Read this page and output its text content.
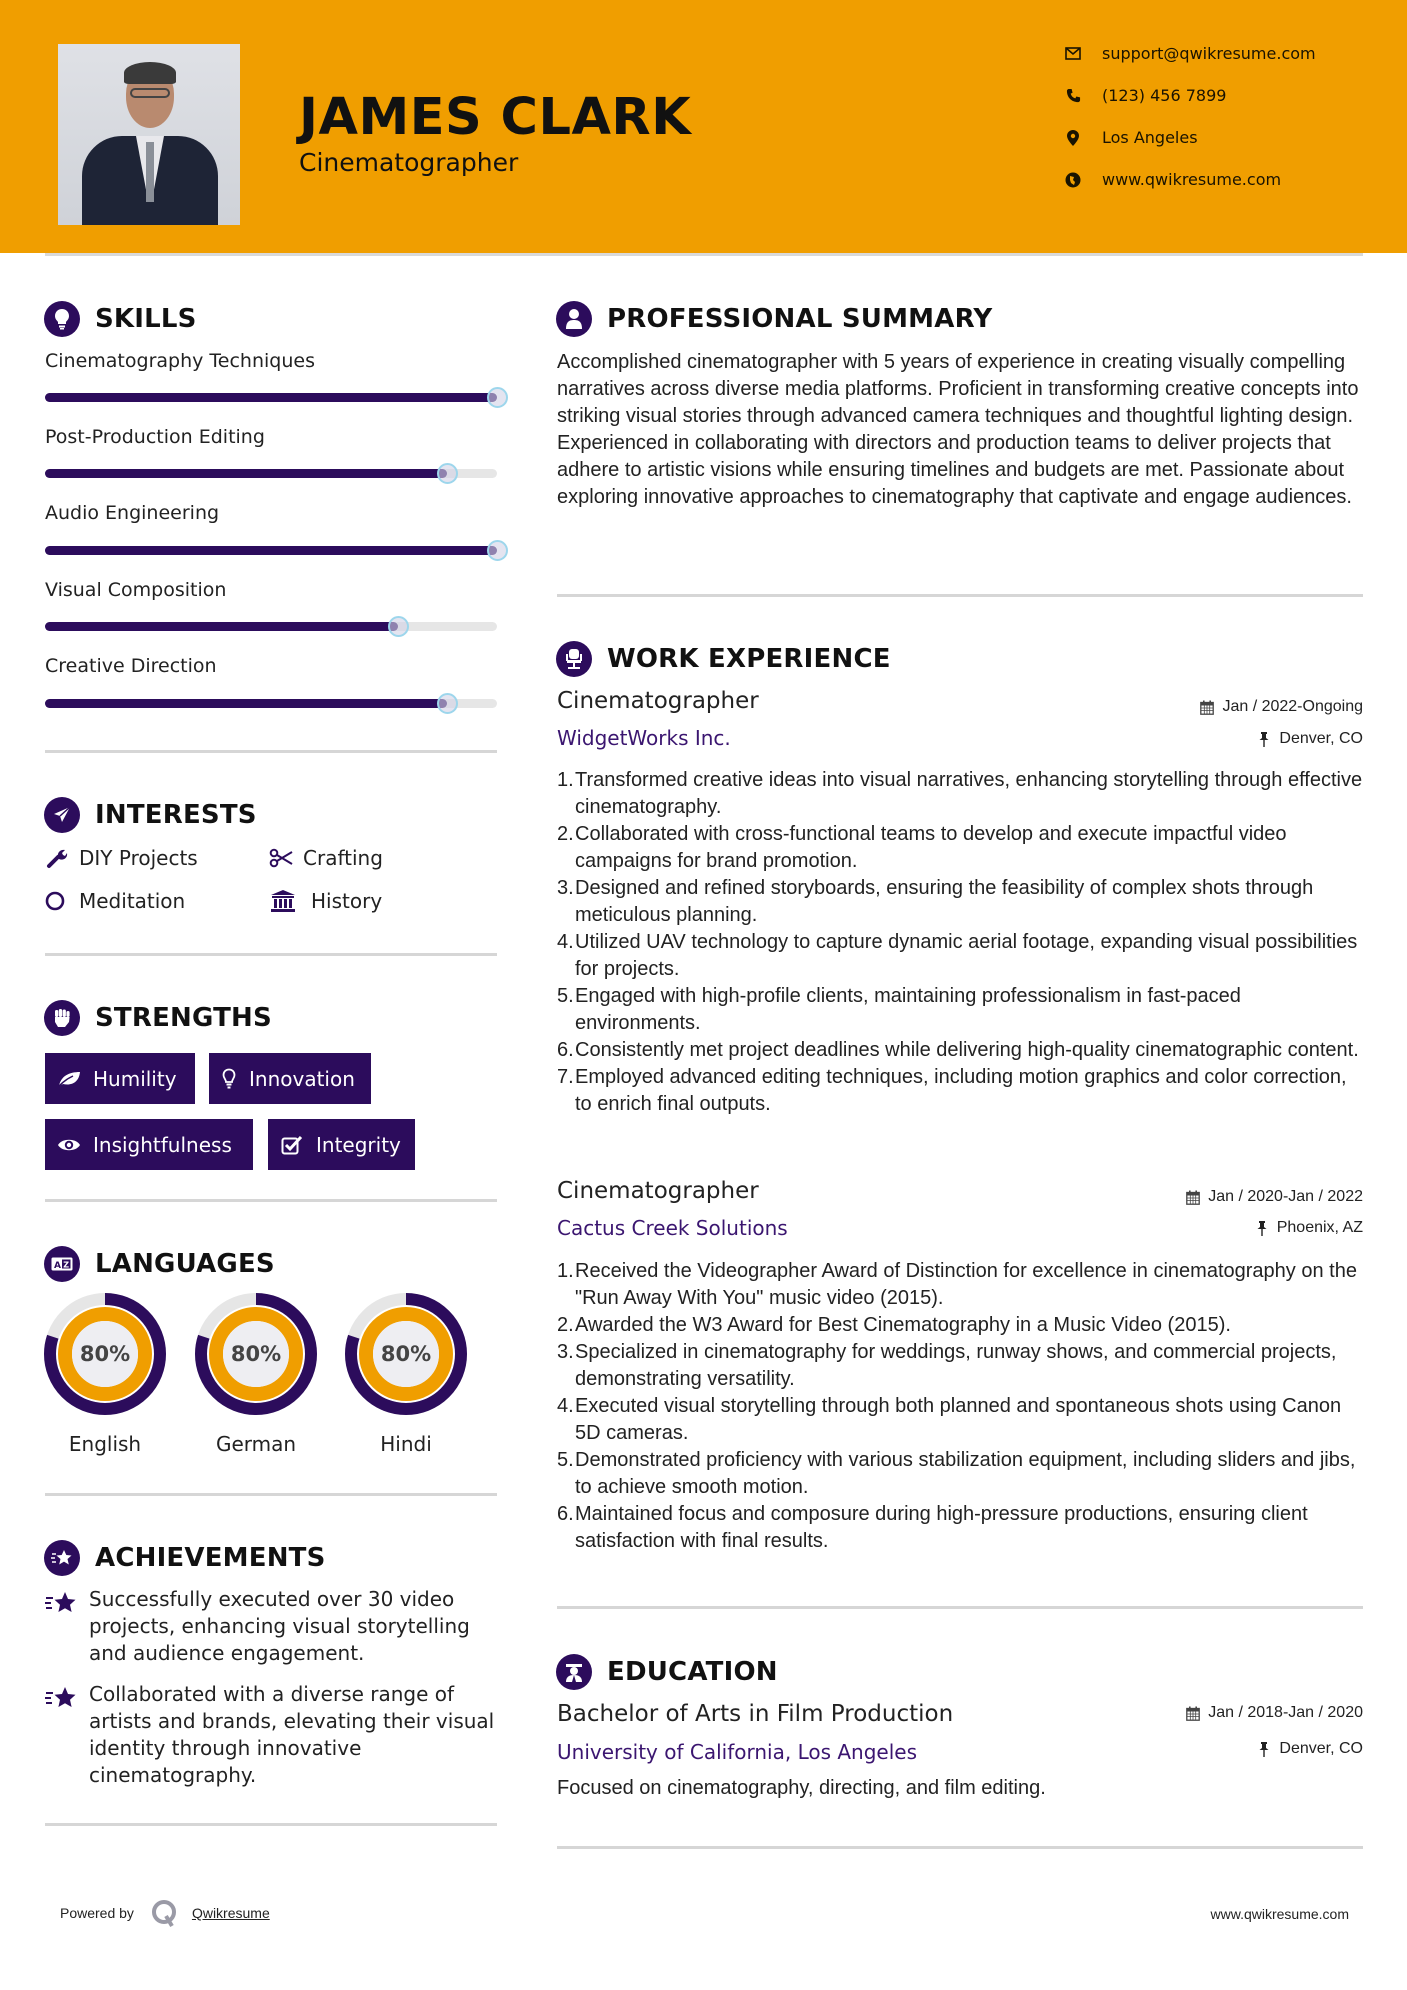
JAMES CLARK
Cinematographer
support@qwikresume.com
(123) 456 7899
Los Angeles
www.qwikresume.com
SKILLS
Cinematography Techniques
Post-Production Editing
Audio Engineering
Visual Composition
Creative Direction
INTERESTS
DIY Projects	Crafting
Meditation	History
STRENGTHS
Humility	Innovation
Insightfulness	Integrity
A Z LANGUAGES
80%
English
80%
German
80%
Hindi
ACHIEVEMENTS
Successfully executed over 30 video projects, enhancing visual storytelling and audience engagement.
Collaborated with a diverse range of artists and brands, elevating their visual identity through innovative cinematography.
PROFESSIONAL SUMMARY
Accomplished cinematographer with 5 years of experience in creating visually compelling narratives across diverse media platforms. Proficient in transforming creative concepts into striking visual stories through advanced camera techniques and thoughtful lighting design. Experienced in collaborating with directors and production teams to deliver projects that adhere to artistic visions while ensuring timelines and budgets are met. Passionate about exploring innovative approaches to cinematography that captivate and engage audiences.
WORK EXPERIENCE
Cinematographer	Jan / 2022-Ongoing
WidgetWorks Inc.	Denver, CO
1. Transformed creative ideas into visual narratives, enhancing storytelling through effective cinematography.
2. Collaborated with cross-functional teams to develop and execute impactful video campaigns for brand promotion.
3. Designed and refined storyboards, ensuring the feasibility of complex shots through meticulous planning.
4. Utilized UAV technology to capture dynamic aerial footage, expanding visual possibilities for projects.
5. Engaged with high-profile clients, maintaining professionalism in fast-paced environments.
6. Consistently met project deadlines while delivering high-quality cinematographic content.
7. Employed advanced editing techniques, including motion graphics and color correction, to enrich final outputs.
Cinematographer	Jan / 2020-Jan / 2022
Cactus Creek Solutions	Phoenix, AZ
1. Received the Videographer Award of Distinction for excellence in cinematography on the "Run Away With You" music video (2015).
2. Awarded the W3 Award for Best Cinematography in a Music Video (2015).
3. Specialized in cinematography for weddings, runway shows, and commercial projects, demonstrating versatility.
4. Executed visual storytelling through both planned and spontaneous shots using Canon 5D cameras.
5. Demonstrated proficiency with various stabilization equipment, including sliders and jibs, to achieve smooth motion.
6. Maintained focus and composure during high-pressure productions, ensuring client satisfaction with final results.
EDUCATION
Bachelor of Arts in Film Production	Jan / 2018-Jan / 2020
University of California, Los Angeles	Denver, CO
Focused on cinematography, directing, and film editing.
Powered by	Qwikresume	www.qwikresume.com
